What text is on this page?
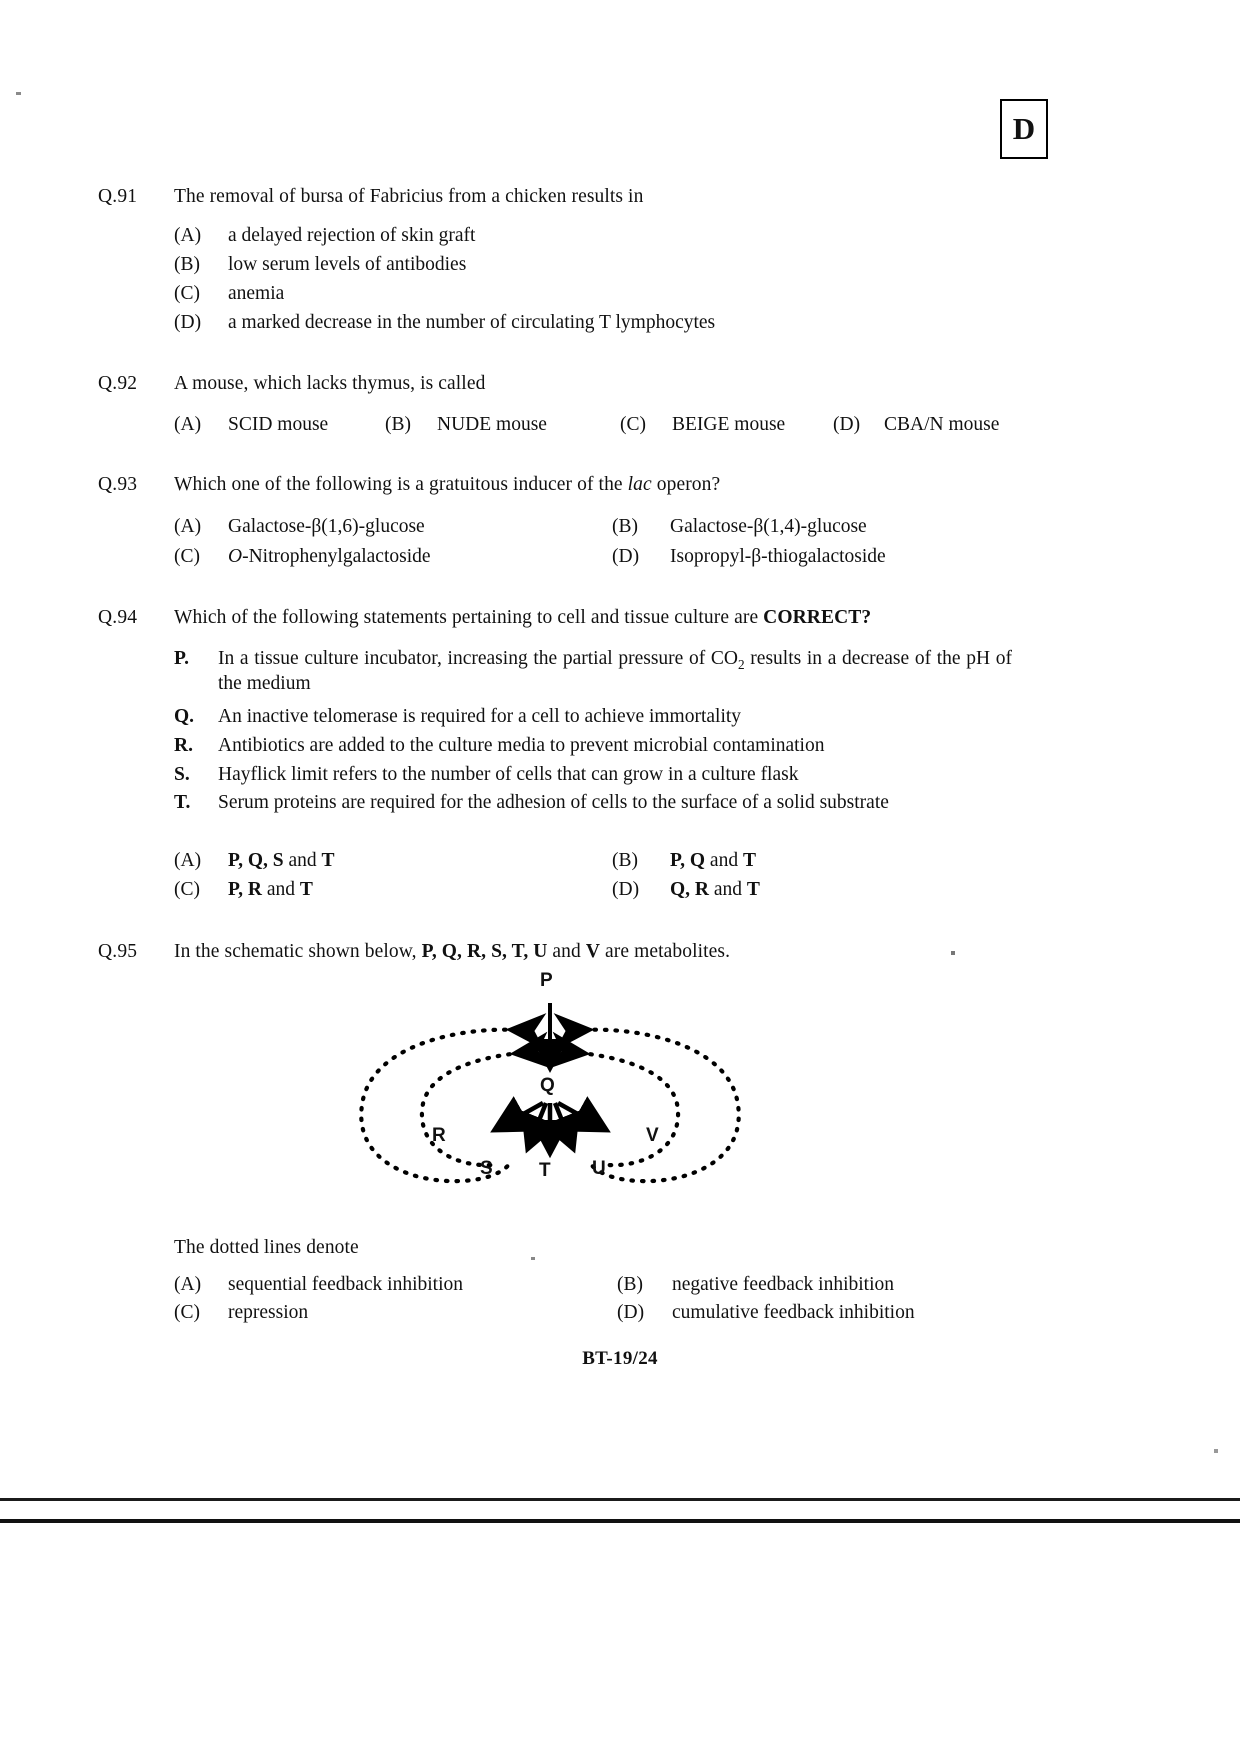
D
Q.91 The removal of bursa of Fabricius from a chicken results in
(A) a delayed rejection of skin graft
(B) low serum levels of antibodies
(C) anemia
(D) a marked decrease in the number of circulating T lymphocytes
Q.92 A mouse, which lacks thymus, is called
(A) SCID mouse	(B) NUDE mouse	(C) BEIGE mouse (D) CBA/N mouse
Q.93 Which one of the following is a gratuitous inducer of the lac operon?
(A) Galactose-β(1,6)-glucose	(B) Galactose-β(1,4)-glucose
(C) O-Nitrophenylgalactoside	(D) Isopropyl-β-thiogalactoside
Q.94 Which of the following statements pertaining to cell and tissue culture are CORRECT?
P. In a tissue culture incubator, increasing the partial pressure of $CO_2$ results in a decrease of the pH of the medium
Q. An inactive telomerase is required for a cell to achieve immortality
R. Antibiotics are added to the culture media to prevent microbial contamination
S. Hayflick limit refers to the number of cells that can grow in a culture flask
T. Serum proteins are required for the adhesion of cells to the surface of a solid substrate
(A) P, Q, S and T	(B) P, Q and T
(C) P, R and T	(D) Q, R and T
Q.95 In the schematic shown below, P, Q, R, S, T, U and V are metabolites.
P
Q
R
S T U
V
The dotted lines denote
(A) sequential feedback inhibition	(B) negative feedback inhibition
(C) repression	(D) cumulative feedback inhibition
BT-19/24
